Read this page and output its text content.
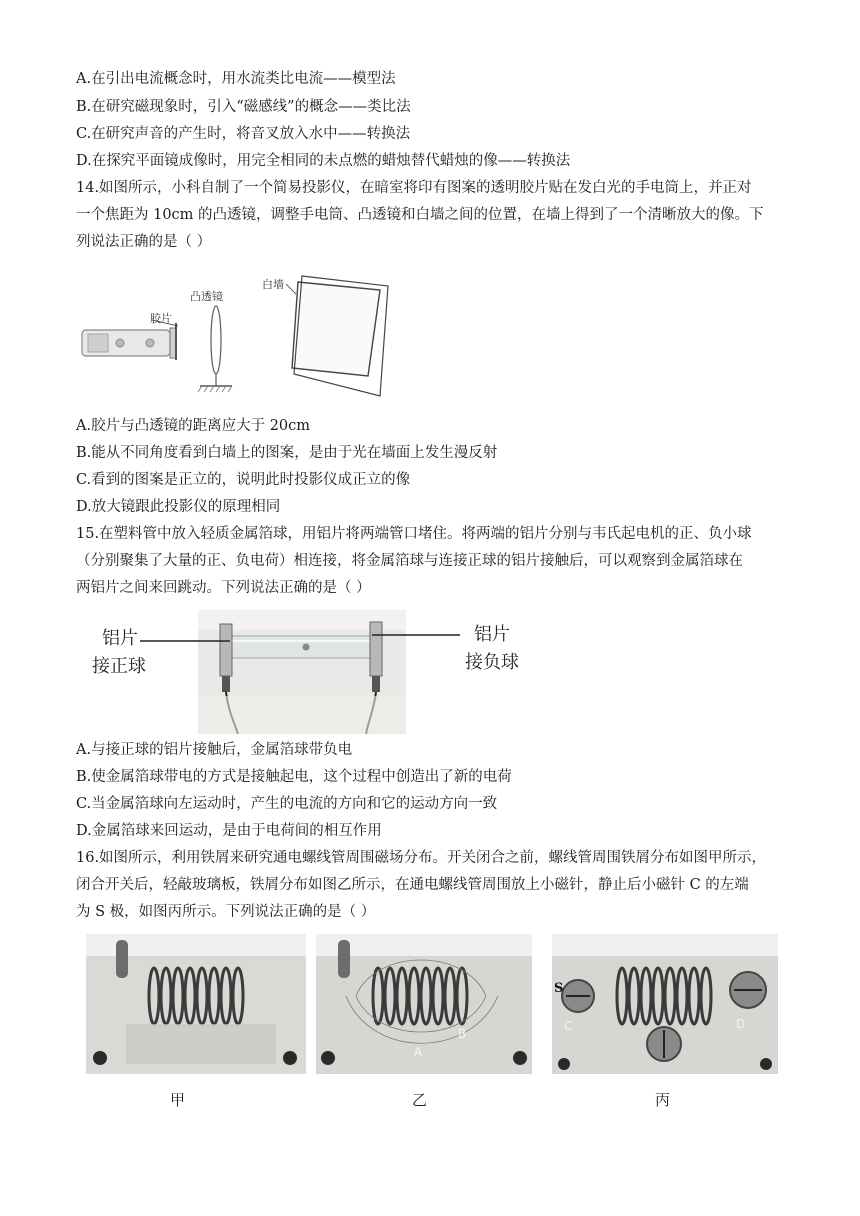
A.在引出电流概念时，用水流类比电流——模型法
B.在研究磁现象时，引入“磁感线”的概念——类比法
C.在研究声音的产生时，将音叉放入水中——转换法
D.在探究平面镜成像时，用完全相同的未点燃的蜡烛替代蜡烛的像——转换法
14.如图所示，小科自制了一个简易投影仪，在暗室将印有图案的透明胶片贴在发白光的手电筒上，并正对
一个焦距为 10cm 的凸透镜，调整手电筒、凸透镜和白墙之间的位置，在墙上得到了一个清晰放大的像。下
列说法正确的是（ ）
胶片
凸透镜
白墙
A.胶片与凸透镜的距离应大于 20cm
B.能从不同角度看到白墙上的图案，是由于光在墙面上发生漫反射
C.看到的图案是正立的，说明此时投影仪成正立的像
D.放大镜跟此投影仪的原理相同
15.在塑料管中放入轻质金属箔球，用铝片将两端管口堵住。将两端的铝片分别与韦氏起电机的正、负小球
（分别聚集了大量的正、负电荷）相连接，将金属箔球与连接正球的铝片接触后，可以观察到金属箔球在
两铝片之间来回跳动。下列说法正确的是（ ）
铝片
接正球
铝片
接负球
A.与接正球的铝片接触后，金属箔球带负电
B.使金属箔球带电的方式是接触起电，这个过程中创造出了新的电荷
C.当金属箔球向左运动时，产生的电流的方向和它的运动方向一致
D.金属箔球来回运动，是由于电荷间的相互作用
16.如图所示，利用铁屑来研究通电螺线管周围磁场分布。开关闭合之前，螺线管周围铁屑分布如图甲所示，
闭合开关后，轻敲玻璃板，铁屑分布如图乙所示，在通电螺线管周围放上小磁针，静止后小磁针 C 的左端
为 S 极，如图丙所示。下列说法正确的是（ ）
A
B
S
C	D
甲	乙	丙
